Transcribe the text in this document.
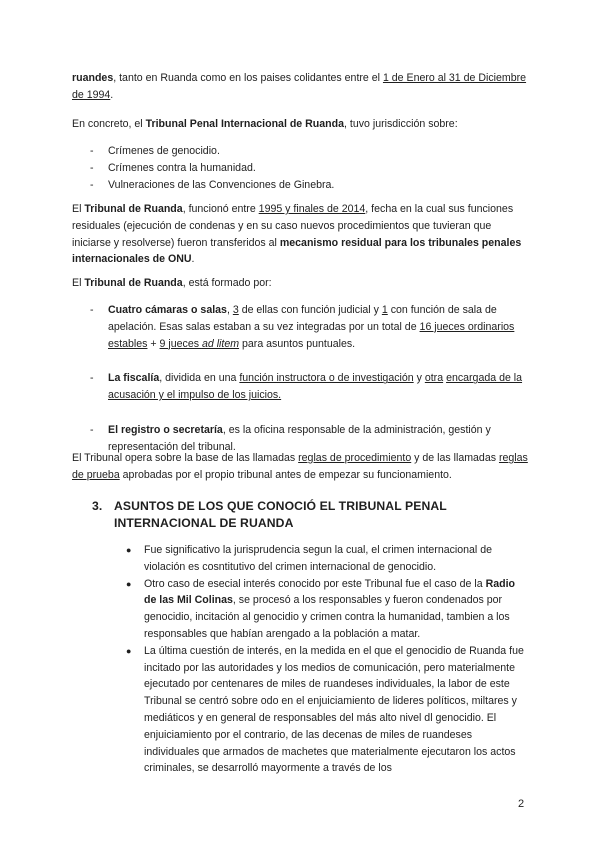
ruandes, tanto en Ruanda como en los paises colidantes entre el 1 de Enero al 31 de Diciembre de 1994.

En concreto, el Tribunal Penal Internacional de Ruanda, tuvo jurisdicción sobre:

- Crímenes de genocidio.
- Crímenes contra la humanidad.
- Vulneraciones de las Convenciones de Ginebra.

El Tribunal de Ruanda, funcionó entre 1995 y finales de 2014, fecha en la cual sus funciones residuales (ejecución de condenas y en su caso nuevos procedimientos que tuvieran que iniciarse y resolverse) fueron transferidos al mecanismo residual para los tribunales penales internacionales de ONU.

El Tribunal de Ruanda, está formado por:

- Cuatro cámaras o salas, 3 de ellas con función judicial y 1 con función de sala de apelación. Esas salas estaban a su vez integradas por un total de 16 jueces ordinarios estables + 9 jueces ad litem para asuntos puntuales.
- La fiscalía, dividida en una función instructora o de investigación y otra encargada de la acusación y el impulso de los juicios.
- El registro o secretaría, es la oficina responsable de la administración, gestión y representación del tribunal.

El Tribunal opera sobre la base de las llamadas reglas de procedimiento y de las llamadas reglas de prueba aprobadas por el propio tribunal antes de empezar su funcionamiento.

3. ASUNTOS DE LOS QUE CONOCIÓ EL TRIBUNAL PENAL INTERNACIONAL DE RUANDA
● Fue significativo la jurisprudencia segun la cual, el crimen internacional de violación es cosntitutivo del crimen internacional de genocidio.
● Otro caso de esecial interés conocido por este Tribunal fue el caso de la Radio de las Mil Colinas, se procesó a los responsables y fueron condenados por genocidio, incitación al genocidio y crimen contra la humanidad, tambien a los responsables que habían arengado a la población a matar.
● La última cuestión de interés, en la medida en el que el genocidio de Ruanda fue incitado por las autoridades y los medios de comunicación, pero materialmente ejecutado por centenares de miles de ruandeses individuales, la labor de este Tribunal se centró sobre odo en el enjuiciamiento de lideres políticos, miltares y mediáticos y en general de responsables del más alto nivel dl genocidio. El enjuiciamiento por el contrario, de las decenas de miles de ruandeses individuales que armados de machetes que materialmente ejecutaron los actos criminales, se desarrolló mayormente a través de los
2
